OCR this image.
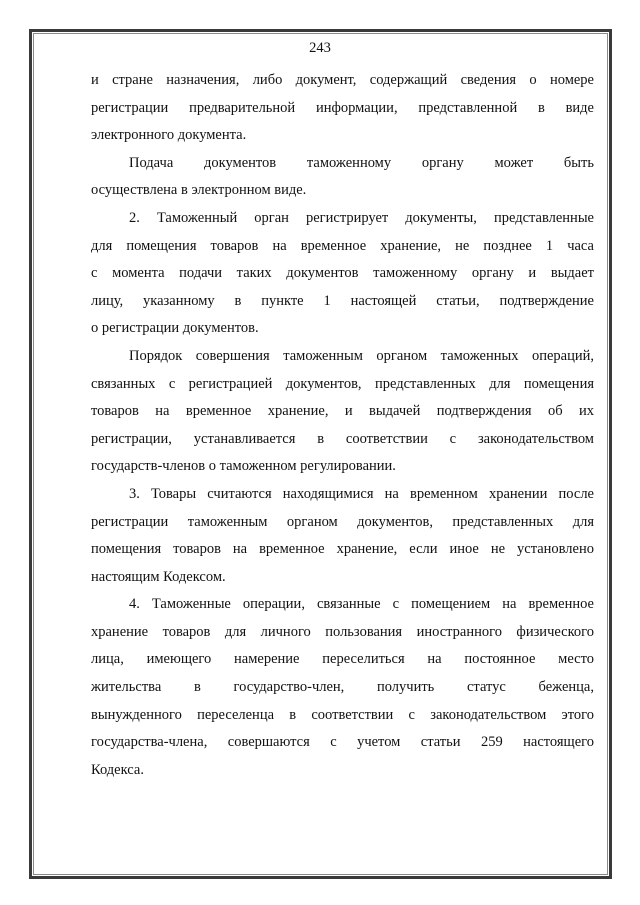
243

и стране назначения, либо документ, содержащий сведения о номере
регистрации предварительной информации, представленной в виде
электронного документа.

Подача документов таможенному органу может быть
осуществлена в электронном виде.

2. Таможенный орган регистрирует документы, представленные
для помещения товаров на временное хранение, не позднее 1 часа
с момента подачи таких документов таможенному органу и выдает
лицу, указанному в пункте 1 настоящей статьи, подтверждение
о регистрации документов.

Порядок совершения таможенным органом таможенных операций,
связанных с регистрацией документов, представленных для помещения
товаров на временное хранение, и выдачей подтверждения об их
регистрации, устанавливается в соответствии с законодательством
государств-членов о таможенном регулировании.

3. Товары считаются находящимися на временном хранении после
регистрации таможенным органом документов, представленных для
помещения товаров на временное хранение, если иное не установлено
настоящим Кодексом.

4. Таможенные операции, связанные с помещением на временное
хранение товаров для личного пользования иностранного физического
лица, имеющего намерение переселиться на постоянное место
жительства в государство-член, получить статус беженца,
вынужденного переселенца в соответствии с законодательством этого
государства-члена, совершаются с учетом статьи 259 настоящего
Кодекса.
